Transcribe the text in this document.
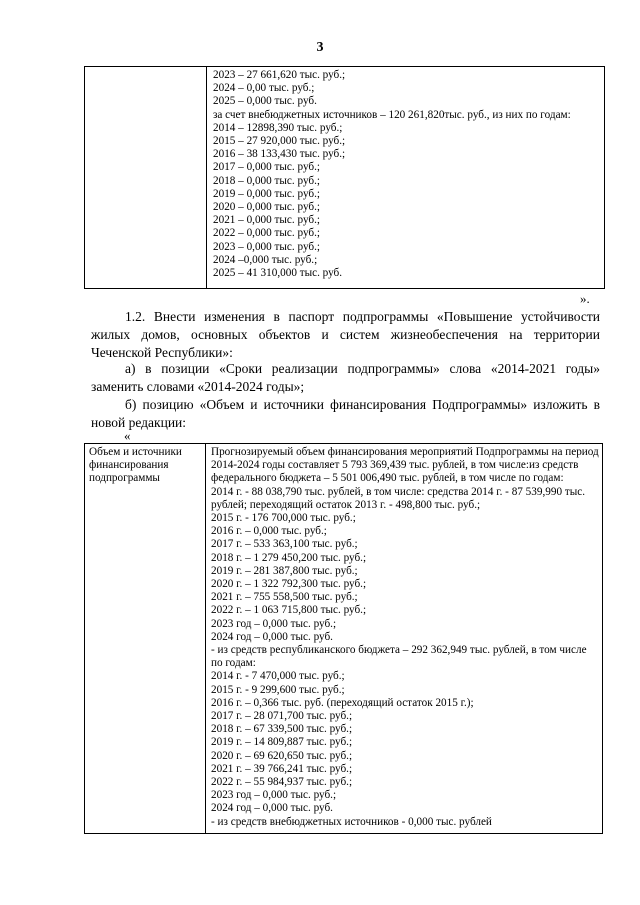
3
2023 – 27 661,620 тыс. руб.;
2024 – 0,00 тыс. руб.;
2025 – 0,000 тыс. руб.
за счет внебюджетных источников – 120 261,820тыс. руб., из них по годам:
2014 – 12898,390 тыс. руб.;
2015 – 27 920,000 тыс. руб.;
2016 – 38 133,430 тыс. руб.;
2017 – 0,000 тыс. руб.;
2018 – 0,000 тыс. руб.;
2019 – 0,000 тыс. руб.;
2020 – 0,000 тыс. руб.;
2021 – 0,000 тыс. руб.;
2022 – 0,000 тыс. руб.;
2023 – 0,000 тыс. руб.;
2024 –0,000 тыс. руб.;
2025 – 41 310,000 тыс. руб.
».
1.2. Внести изменения в паспорт подпрограммы «Повышение устойчивости жилых домов, основных объектов и систем жизнеобеспечения на территории Чеченской Республики»:
а) в позиции «Сроки реализации подпрограммы» слова «2014-2021 годы» заменить словами «2014-2024 годы»;
б) позицию «Объем и источники финансирования Подпрограммы» изложить в новой редакции:
«
Объем и источники финансирования подпрограммы
Прогнозируемый объем финансирования мероприятий Подпрограммы на период 2014-2024 годы составляет 5 793 369,439 тыс. рублей, в том числе:из средств федерального бюджета – 5 501 006,490 тыс. рублей, в том числе по годам:
2014 г. - 88 038,790 тыс. рублей, в том числе: средства 2014 г. - 87 539,990 тыс. рублей; переходящий остаток 2013 г. - 498,800 тыс. руб.;
2015 г. - 176 700,000 тыс. руб.;
2016 г. – 0,000 тыс. руб.;
2017 г. – 533 363,100 тыс. руб.;
2018 г. – 1 279 450,200 тыс. руб.;
2019 г. – 281 387,800 тыс. руб.;
2020 г. – 1 322 792,300 тыс. руб.;
2021 г. – 755 558,500 тыс. руб.;
2022 г. – 1 063 715,800 тыс. руб.;
2023 год – 0,000 тыс. руб.;
2024 год – 0,000 тыс. руб.
- из средств республиканского бюджета – 292 362,949 тыс. рублей, в том числе по годам:
2014 г. - 7 470,000 тыс. руб.;
2015 г. - 9 299,600 тыс. руб.;
2016 г. – 0,366 тыс. руб. (переходящий остаток 2015 г.);
2017 г. – 28 071,700 тыс. руб.;
2018 г. – 67 339,500 тыс. руб.;
2019 г. – 14 809,887 тыс. руб.;
2020 г. – 69 620,650 тыс. руб.;
2021 г. – 39 766,241 тыс. руб.;
2022 г. – 55 984,937 тыс. руб.;
2023 год – 0,000 тыс. руб.;
2024 год – 0,000 тыс. руб.
- из средств внебюджетных источников - 0,000 тыс. рублей
